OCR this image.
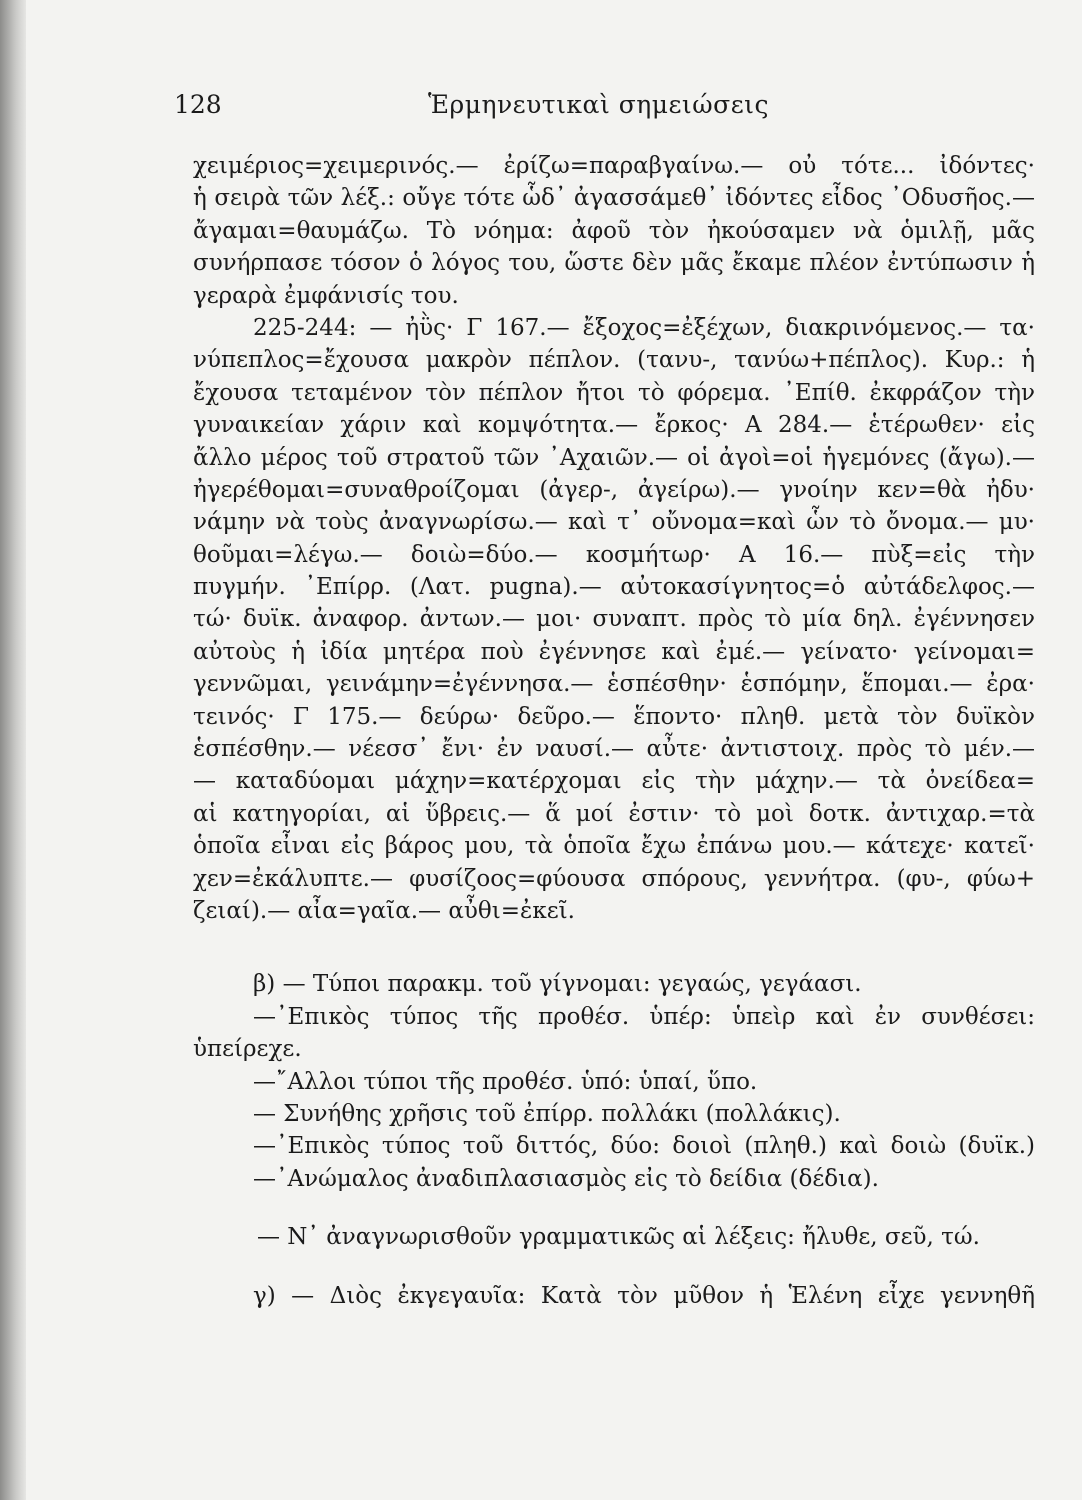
128	Ἑρμηνευτικαὶ σημειώσεις
χειμέριος=χειμερινός.— ἐρίζω=παραβγαίνω.— οὐ τότε... ἰδόντες·
ἡ σειρὰ τῶν λέξ.: οὔγε τότε ὧδ᾽ ἀγασσάμεθ᾽ ἰδόντες εἶδος ᾿Οδυσῆος.—
ἄγαμαι=θαυμάζω. Τὸ νόημα: ἀφοῦ τὸν ἠκούσαμεν νὰ ὁμιλῇ, μᾶς
συνήρπασε τόσον ὁ λόγος του, ὥστε δὲν μᾶς ἔκαμε πλέον ἐντύπωσιν ἡ
γεραρὰ ἐμφάνισίς του.
225-244: — ἠῢς· Γ 167.— ἔξοχος=ἐξέχων, διακρινόμενος.— τα·
νύπεπλος=ἔχουσα μακρὸν πέπλον. (τανυ-, τανύω+πέπλος). Κυρ.: ἡ
ἔχουσα τεταμένον τὸν πέπλον ἤτοι τὸ φόρεμα. ᾿Επίθ. ἐκφράζον τὴν
γυναικείαν χάριν καὶ κομψότητα.— ἔρκος· Α 284.— ἑτέρωθεν· εἰς
ἄλλο μέρος τοῦ στρατοῦ τῶν ᾿Αχαιῶν.— οἱ ἀγοὶ=οἱ ἡγεμόνες (ἄγω).—
ἠγερέθομαι=συναθροίζομαι (ἀγερ-, ἀγείρω).— γνοίην κεν=θὰ ἠδυ·
νάμην νὰ τοὺς ἀναγνωρίσω.— καὶ τ᾽ οὔνομα=καὶ ὧν τὸ ὄνομα.— μυ·
θοῦμαι=λέγω.— δοιὼ=δύο.— κοσμήτωρ· Α 16.— πὺξ=εἰς τὴν
πυγμήν. ᾿Επίρρ. (Λατ. pugna).— αὐτοκασίγνητος=ὁ αὐτάδελφος.—
τώ· δυϊκ. ἀναφορ. ἀντων.— μοι· συναπτ. πρὸς τὸ μία δηλ. ἐγέννησεν
αὐτοὺς ἡ ἰδία μητέρα ποὺ ἐγέννησε καὶ ἐμέ.— γείνατο· γείνομαι=
γεννῶμαι, γεινάμην=ἐγέννησα.— ἑσπέσθην· ἑσπόμην, ἕπομαι.— ἐρα·
τεινός· Γ 175.— δεύρω· δεῦρο.— ἕποντο· πληθ. μετὰ τὸν δυϊκὸν
ἑσπέσθην.— νέεσσ᾽ ἔνι· ἐν ναυσί.— αὖτε· ἀντιστοιχ. πρὸς τὸ μέν.—
— καταδύομαι μάχην=κατέρχομαι εἰς τὴν μάχην.— τὰ ὀνείδεα=
αἱ κατηγορίαι, αἱ ὕβρεις.— ἅ μοί ἐστιν· τὸ μοὶ δοτκ. ἀντιχαρ.=τὰ
ὁποῖα εἶναι εἰς βάρος μου, τὰ ὁποῖα ἔχω ἐπάνω μου.— κάτεχε· κατεῖ·
χεν=ἐκάλυπτε.— φυσίζοος=φύουσα σπόρους, γεννήτρα. (φυ-, φύω+
ζειαί).— αἶα=γαῖα.— αὖθι=ἐκεῖ.
β) — Τύποι παρακμ. τοῦ γίγνομαι: γεγαώς, γεγάασι.
—᾿Επικὸς τύπος τῆς προθέσ. ὑπέρ: ὑπεὶρ καὶ ἐν συνθέσει:
ὑπείρεχε.
—῎Αλλοι τύποι τῆς προθέσ. ὑπό: ὑπαί, ὕπο.
— Συνήθης χρῆσις τοῦ ἐπίρρ. πολλάκι (πολλάκις).
—᾿Επικὸς τύπος τοῦ διττός, δύο: δοιοὶ (πληθ.) καὶ δοιὼ (δυϊκ.)
—᾿Ανώμαλος ἀναδιπλασιασμὸς εἰς τὸ δείδια (δέδια).
— Ν᾽ ἀναγνωρισθοῦν γραμματικῶς αἱ λέξεις: ἤλυθε, σεῦ, τώ.
γ) — Διὸς ἐκγεγαυῖα: Κατὰ τὸν μῦθον ἡ Ἑλένη εἶχε γεννηθῆ
